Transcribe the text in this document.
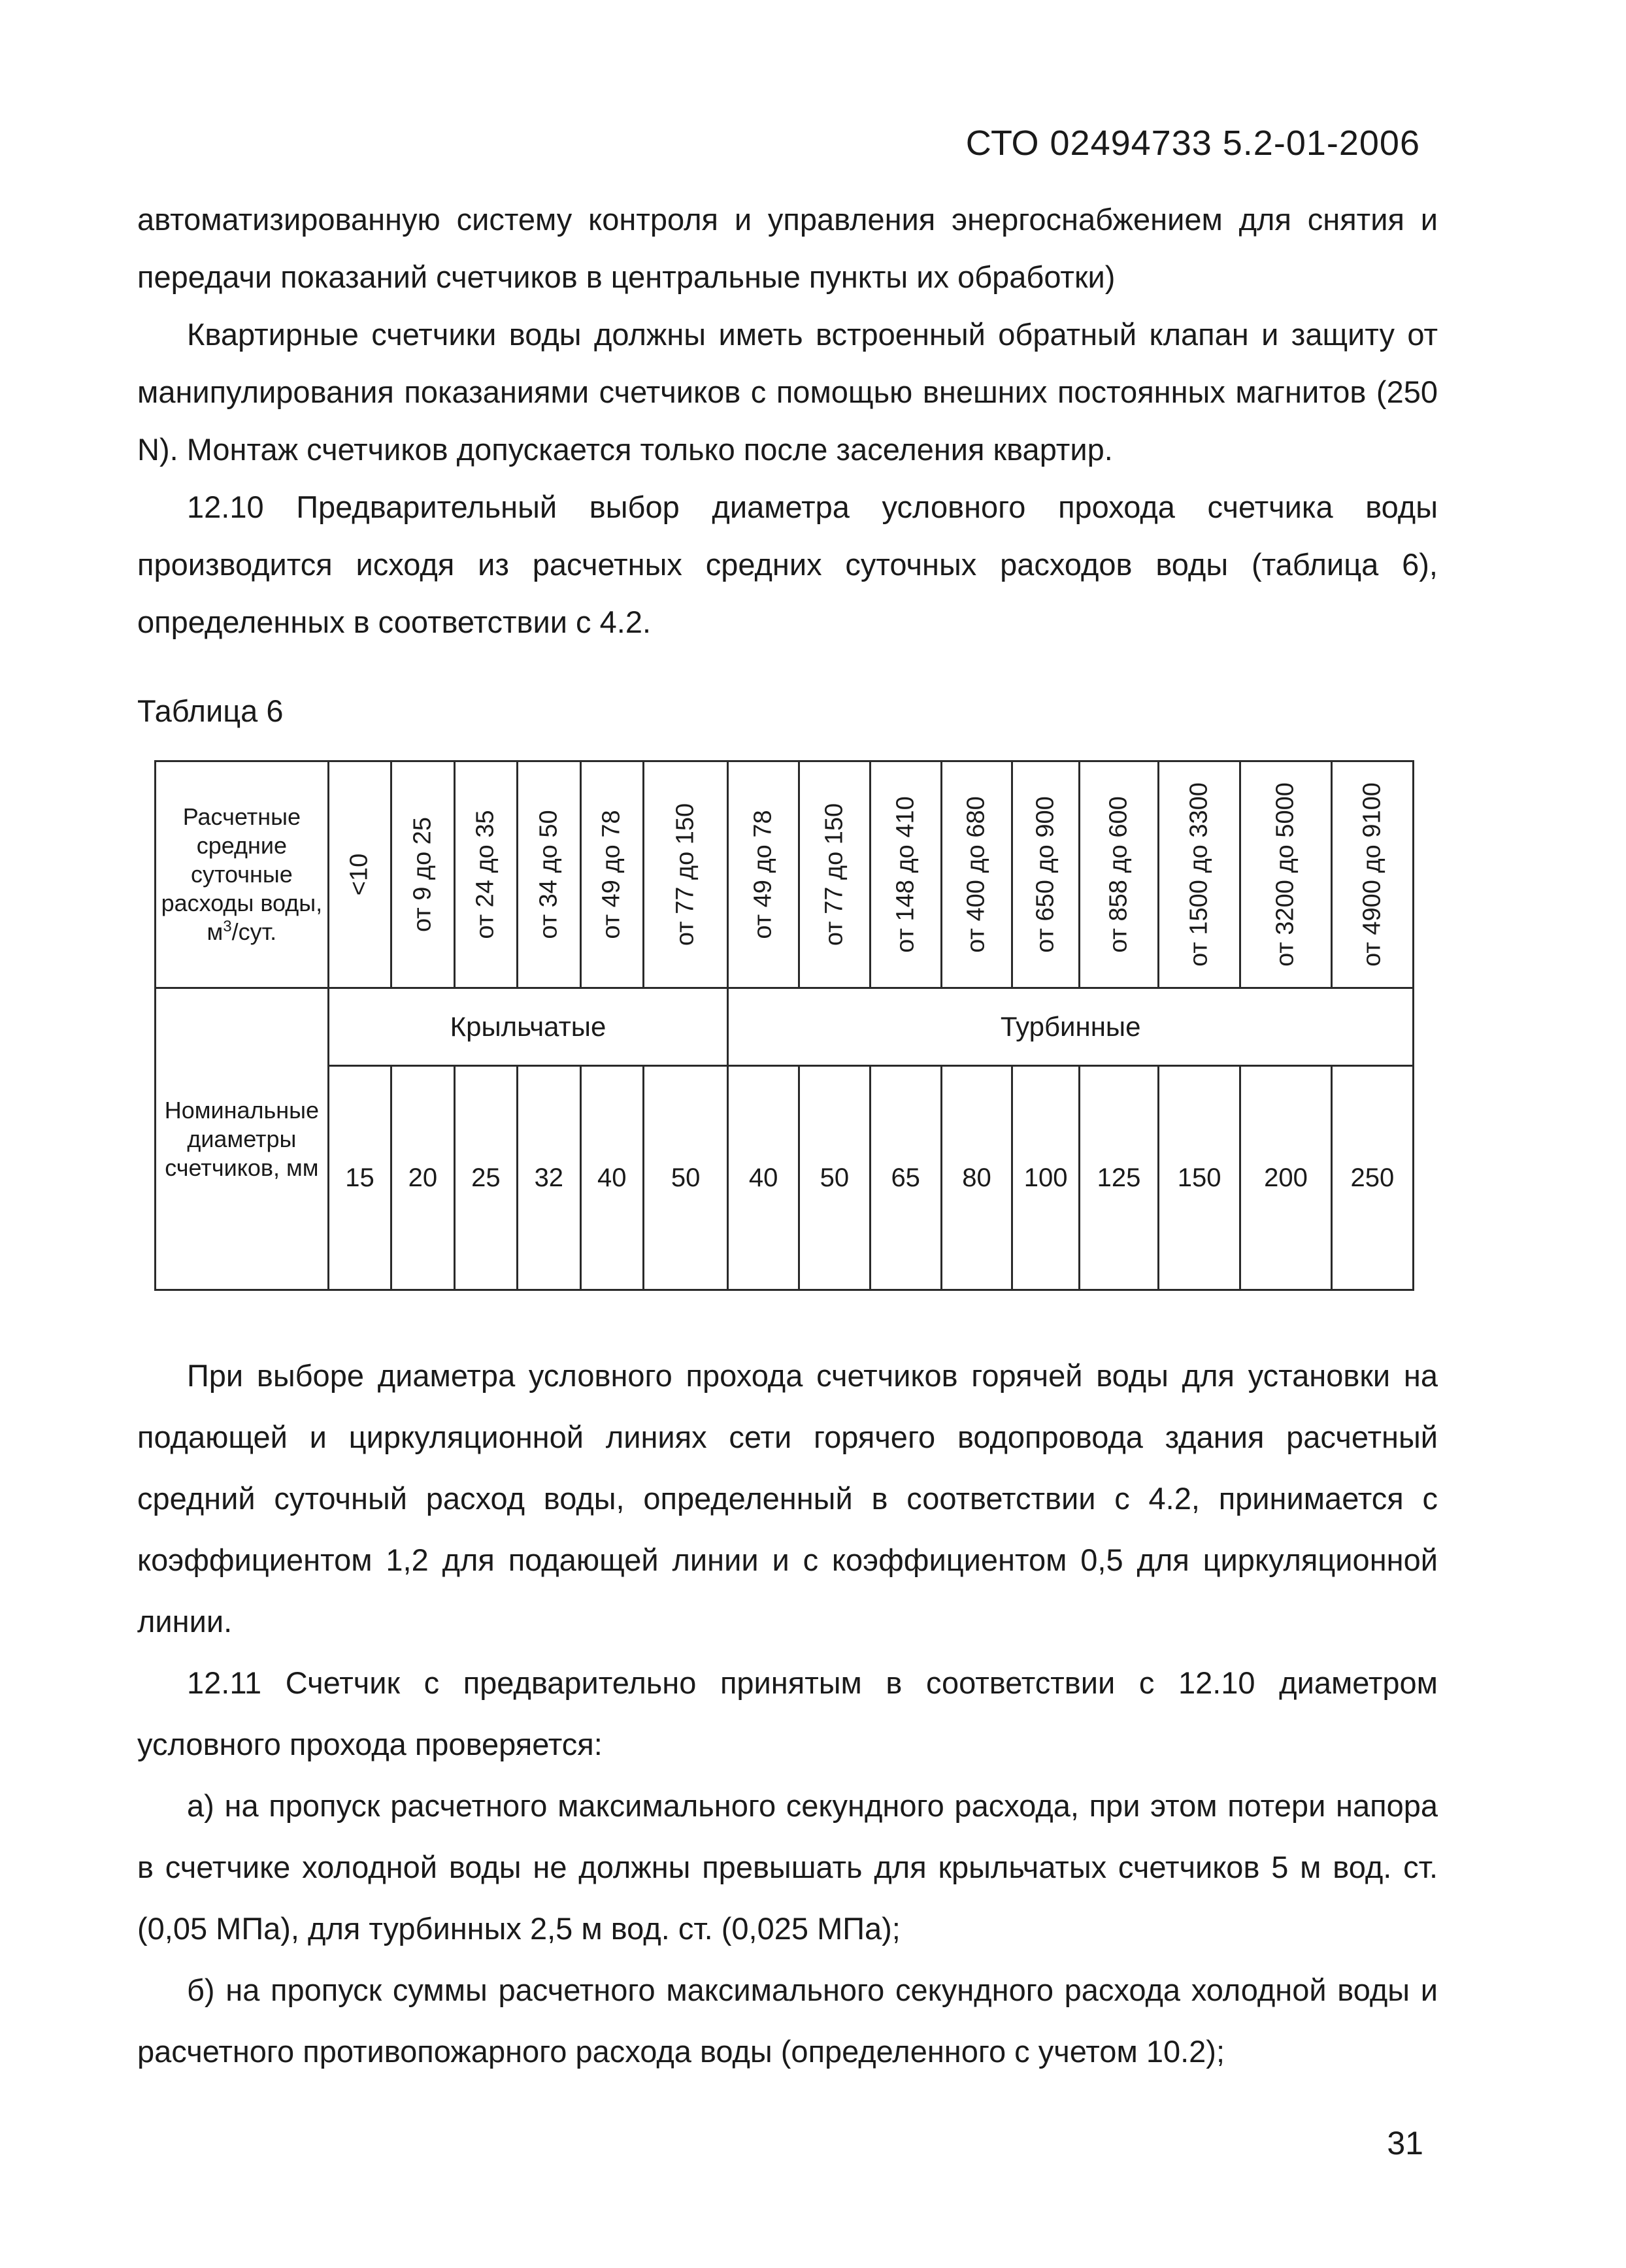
СТО 02494733 5.2-01-2006

автоматизированную систему контроля и управления энергоснабжением для снятия и передачи показаний счетчиков в центральные пункты их обработки)

Квартирные счетчики воды должны иметь встроенный обратный клапан и защиту от манипулирования показаниями счетчиков с помощью внешних постоянных магнитов (250 N). Монтаж счетчиков допускается только после заселения квартир.

12.10 Предварительный выбор диаметра условного прохода счетчика воды производится исходя из расчетных средних суточных расходов воды (таблица 6), определенных в соответствии с 4.2.

Таблица 6
Расчетные средние суточные расходы воды, $м^3$/сут.	<10	от 9 до 25	от 24 до 35	от 34 до 50	от 49 до 78	от 77 до 150	от 49 до 78	от 77 до 150	от 148 до 410	от 400 до 680	от 650 до 900	от 858 до 600	от 1500 до 3300	от 3200 до 5000	от 4900 до 9100

Номинальные диаметры счетчиков, мм	Крыльчатые						Турбинные								
	15	20	25	32	40	50	40	50	65	80	100	125	150	200	250

При выборе диаметра условного прохода счетчиков горячей воды для установки на подающей и циркуляционной линиях сети горячего водопровода здания расчетный средний суточный расход воды, определенный в соответствии с 4.2, принимается с коэффициентом 1,2 для подающей линии и с коэффициентом 0,5 для циркуляционной линии.

12.11 Счетчик с предварительно принятым в соответствии с 12.10 диаметром условного прохода проверяется:

а) на пропуск расчетного максимального секундного расхода, при этом потери напора в счетчике холодной воды не должны превышать для крыльчатых счетчиков 5 м вод. ст. (0,05 МПа), для турбинных 2,5 м вод. ст. (0,025 МПа);

б) на пропуск суммы расчетного максимального секундного расхода холодной воды и расчетного противопожарного расхода воды (определенного с учетом 10.2);

31
